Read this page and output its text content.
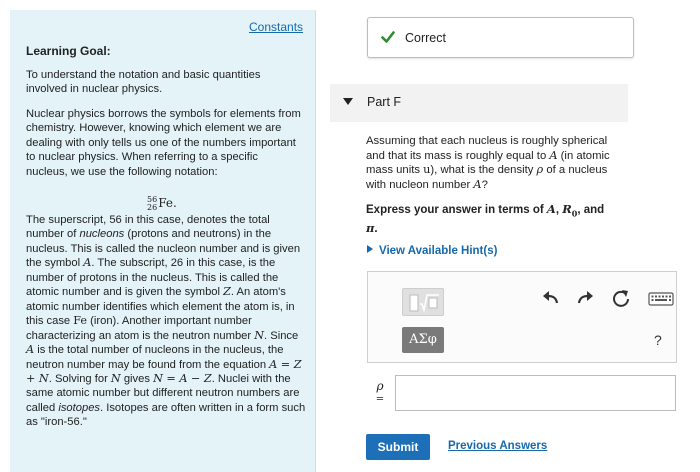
Constants
Learning Goal:
To understand the notation and basic quantities involved in nuclear physics.
Nuclear physics borrows the symbols for elements from chemistry. However, knowing which element we are dealing with only tells us one of the numbers important to nuclear physics. When referring to a specific nucleus, we use the following notation:
56
26 Fe.
The superscript, 56 in this case, denotes the total number of nucleons (protons and neutrons) in the nucleus. This is called the nucleon number and is given the symbol A. The subscript, 26 in this case, is the number of protons in the nucleus. This is called the atomic number and is given the symbol Z. An atom's atomic number identifies which element the atom is, in this case Fe (iron). Another important number characterizing an atom is the neutron number N. Since A is the total number of nucleons in the nucleus, the neutron number may be found from the equation A = Z + N. Solving for N gives N = A − Z. Nuclei with the same atomic number but different neutron numbers are called isotopes. Isotopes are often written in a form such as "iron-56."
Correct
Part F
Assuming that each nucleus is roughly spherical and that its mass is roughly equal to A (in atomic mass units u), what is the density ρ of a nucleus with nucleon number A?
Express your answer in terms of A, $R_0$, and
π.
View Available Hint(s)
ΑΣφ	?
ρ
=
Submit	Previous Answers
